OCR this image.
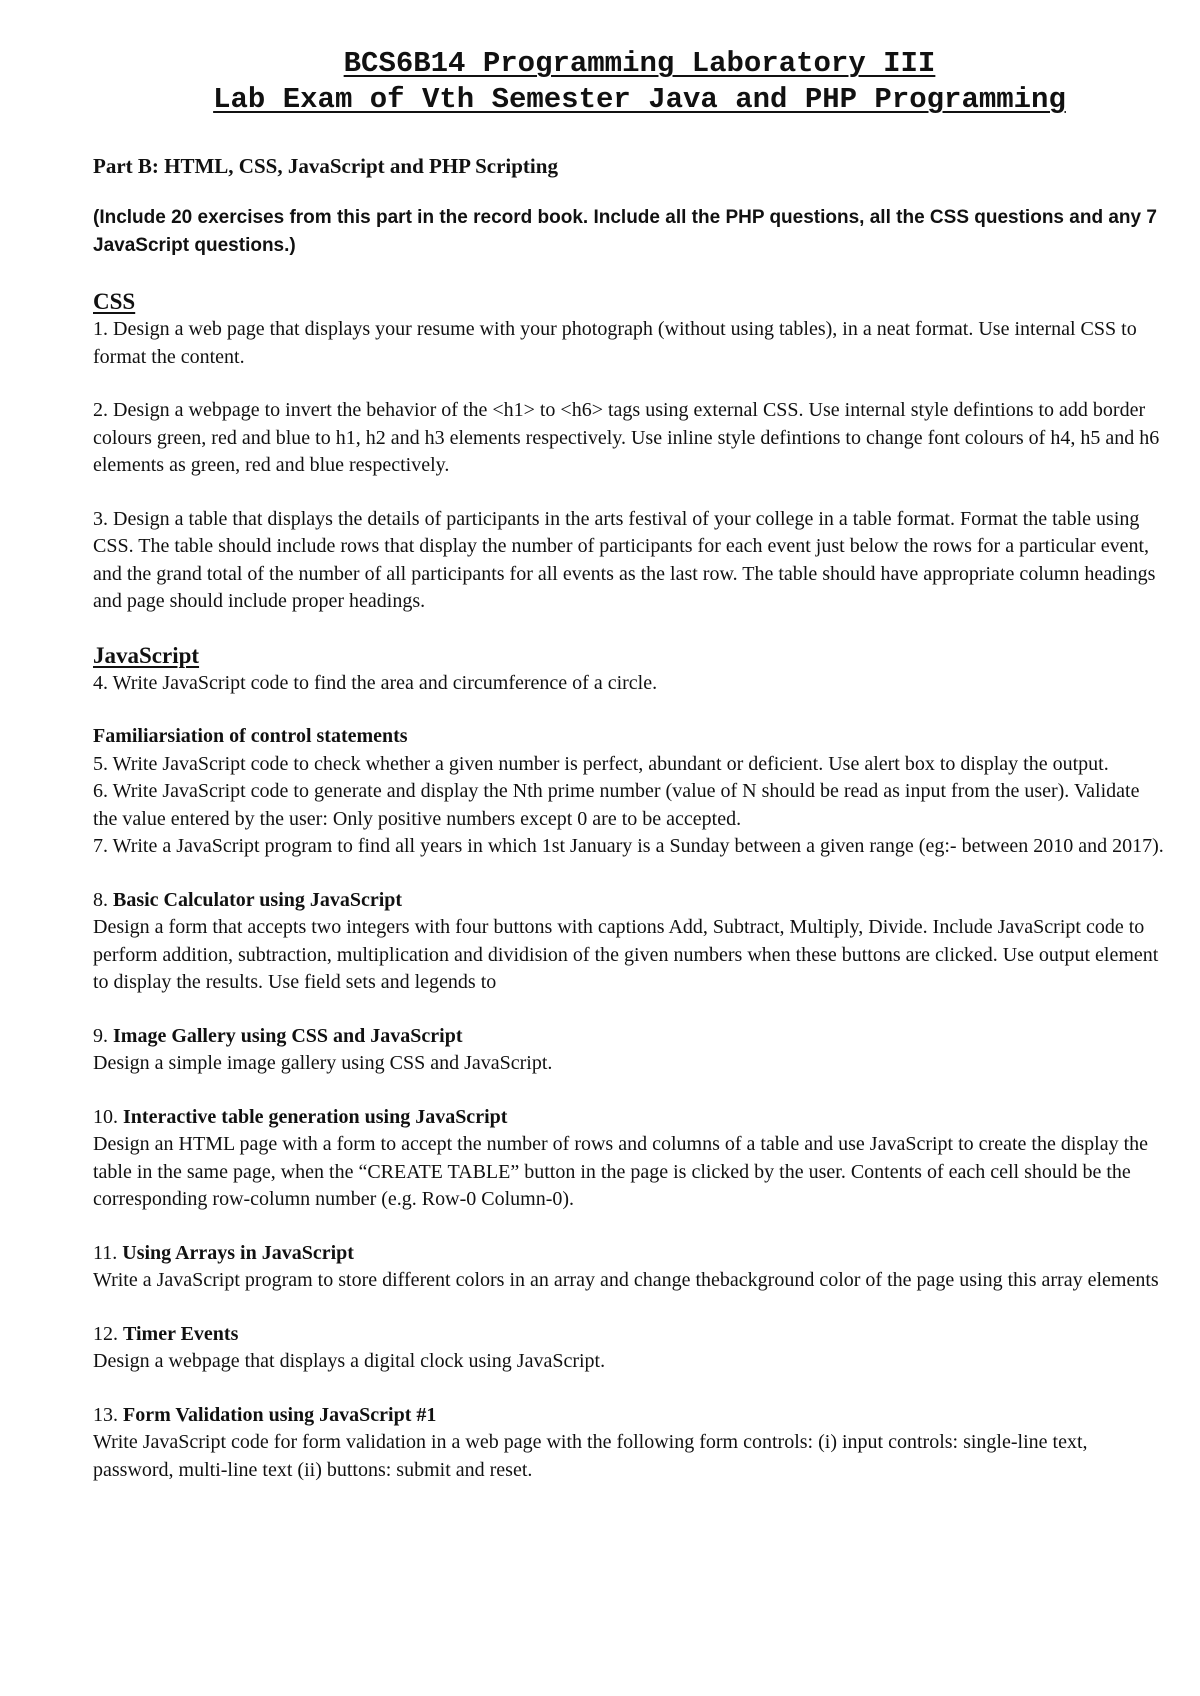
BCS6B14 Programming Laboratory III
Lab Exam of Vth Semester Java and PHP Programming
Part B: HTML, CSS, JavaScript and PHP Scripting
(Include 20 exercises from this part in the record book. Include all the PHP questions, all the CSS questions and any 7 JavaScript questions.)
CSS

1. Design a web page that displays your resume with your photograph (without using tables), in a neat format. Use internal CSS to format the content.

2. Design a webpage to invert the behavior of the <h1> to <h6> tags using external CSS. Use internal style defintions to add border colours green, red and blue to h1, h2 and h3 elements respectively. Use inline style defintions to change font colours of h4, h5 and h6 elements as green, red and blue respectively.

3. Design a table that displays the details of participants in the arts festival of your college in a table format. Format the table using CSS. The table should include rows that display the number of participants for each event just below the rows for a particular event, and the grand total of the number of all participants for all events as the last row. The table should have appropriate column headings and page should include proper headings.

JavaScript

4. Write JavaScript code to find the area and circumference of a circle.

Familiarsiation of control statements

5. Write JavaScript code to check whether a given number is perfect, abundant or deficient. Use alert box to display the output.

6. Write JavaScript code to generate and display the Nth prime number (value of N should be read as input from the user). Validate the value entered by the user: Only positive numbers except 0 are to be accepted.

7. Write a JavaScript program to find all years in which 1st January is a Sunday between a given range (eg:- between 2010 and 2017).

8. Basic Calculator using JavaScript

Design a form that accepts two integers with four buttons with captions Add, Subtract, Multiply, Divide. Include JavaScript code to perform addition, subtraction, multiplication and dividision of the given numbers when these buttons are clicked. Use output element to display the results. Use field sets and legends to

9. Image Gallery using CSS and JavaScript

Design a simple image gallery using CSS and JavaScript.

10. Interactive table generation using JavaScript

Design an HTML page with a form to accept the number of rows and columns of a table and use JavaScript to create the display the table in the same page, when the “CREATE TABLE” button in the page is clicked by the user. Contents of each cell should be the corresponding row-column number (e.g. Row-0 Column-0).

11. Using Arrays in JavaScript

Write a JavaScript program to store different colors in an array and change thebackground color of the page using this array elements

12. Timer Events

Design a webpage that displays a digital clock using JavaScript.

13. Form Validation using JavaScript #1

Write JavaScript code for form validation in a web page with the following form controls: (i) input controls: single-line text, password, multi-line text (ii) buttons: submit and reset.
